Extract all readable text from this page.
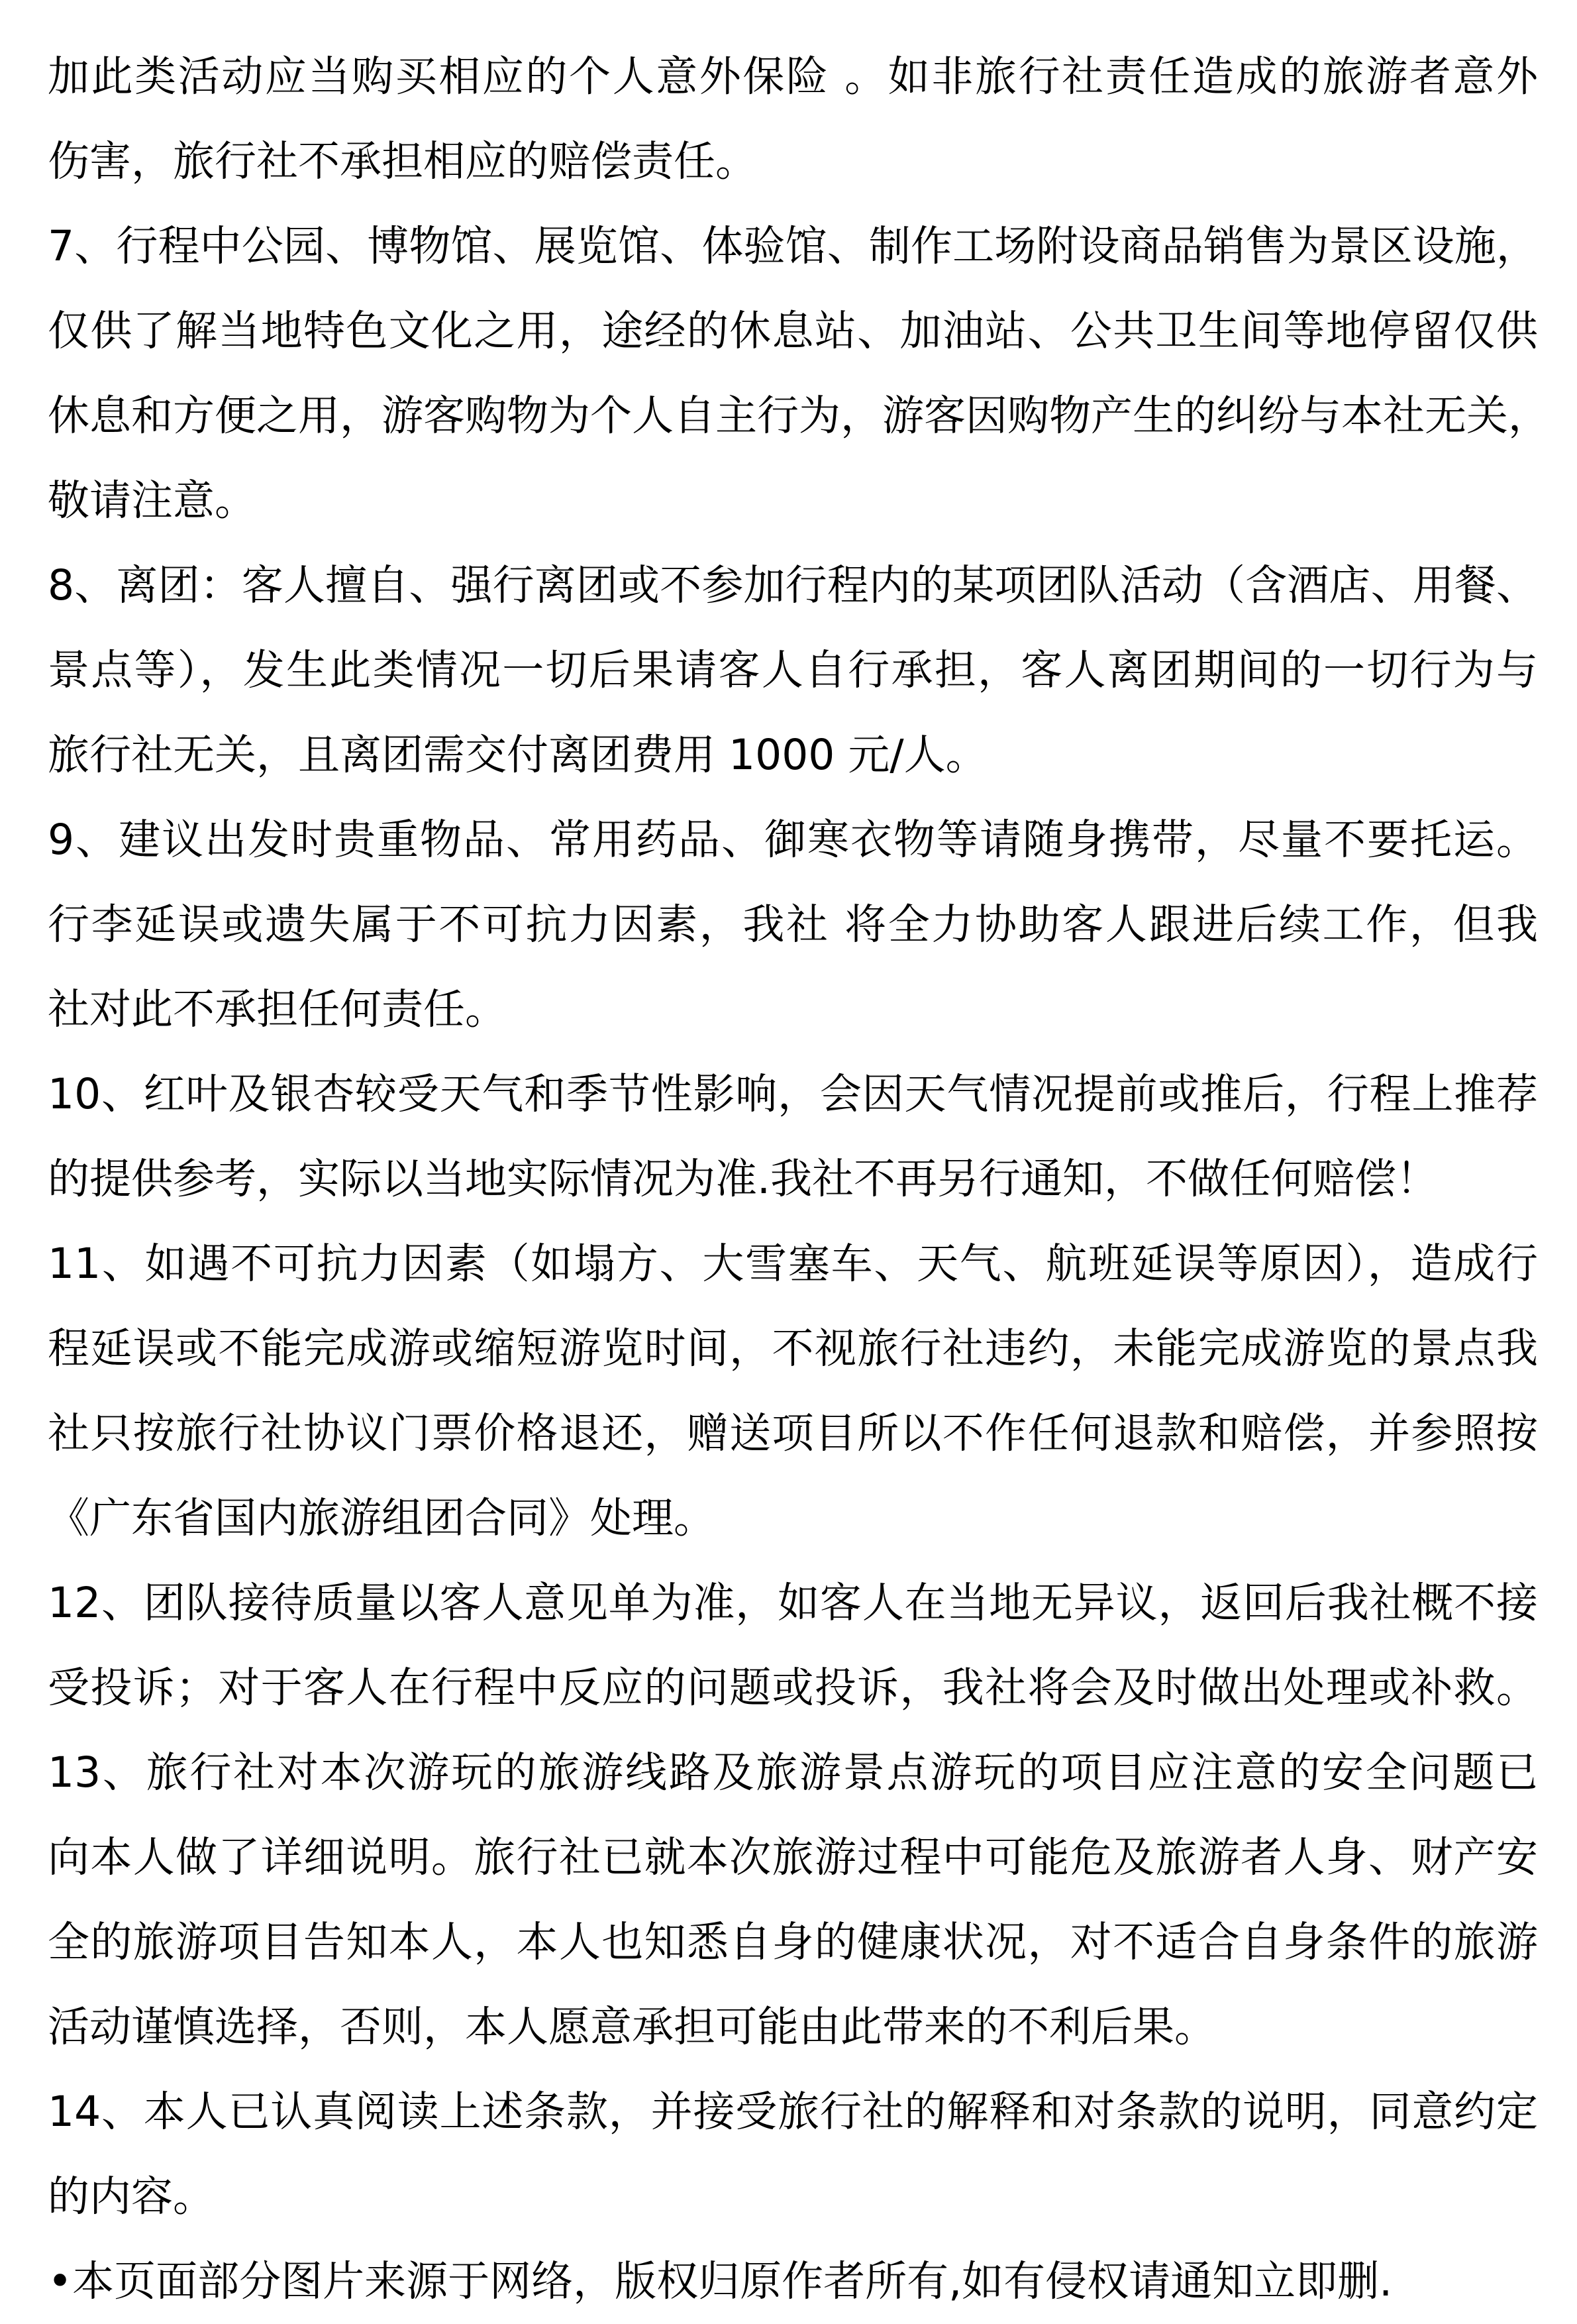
加此类活动应当购买相应的个人意外保险 。如非旅行社责任造成的旅游者意外
伤害，旅行社不承担相应的赔偿责任。
7、行程中公园、博物馆、展览馆、体验馆、制作工场附设商品销售为景区设施，
仅供了解当地特色文化之用，途经的休息站、加油站、公共卫生间等地停留仅供
休息和方便之用，游客购物为个人自主行为，游客因购物产生的纠纷与本社无关，
敬请注意。
8、离团：客人擅自、强行离团或不参加行程内的某项团队活动（含酒店、用餐、
景点等），发生此类情况一切后果请客人自行承担，客人离团期间的一切行为与
旅行社无关，且离团需交付离团费用 1000 元/人。
9、建议出发时贵重物品、常用药品、御寒衣物等请随身携带，尽量不要托运。
行李延误或遗失属于不可抗力因素，我社 将全力协助客人跟进后续工作，但我
社对此不承担任何责任。
10、红叶及银杏较受天气和季节性影响，会因天气情况提前或推后，行程上推荐
的提供参考，实际以当地实际情况为准.我社不再另行通知，不做任何赔偿！
11、如遇不可抗力因素（如塌方、大雪塞车、天气、航班延误等原因），造成行
程延误或不能完成游或缩短游览时间，不视旅行社违约，未能完成游览的景点我
社只按旅行社协议门票价格退还，赠送项目所以不作任何退款和赔偿，并参照按
《广东省国内旅游组团合同》处理。
12、团队接待质量以客人意见单为准，如客人在当地无异议，返回后我社概不接
受投诉；对于客人在行程中反应的问题或投诉，我社将会及时做出处理或补救。
13、旅行社对本次游玩的旅游线路及旅游景点游玩的项目应注意的安全问题已
向本人做了详细说明。旅行社已就本次旅游过程中可能危及旅游者人身、财产安
全的旅游项目告知本人，本人也知悉自身的健康状况，对不适合自身条件的旅游
活动谨慎选择，否则，本人愿意承担可能由此带来的不利后果。
14、本人已认真阅读上述条款，并接受旅行社的解释和对条款的说明，同意约定
的内容。
•本页面部分图片来源于网络，版权归原作者所有,如有侵权请通知立即删.
